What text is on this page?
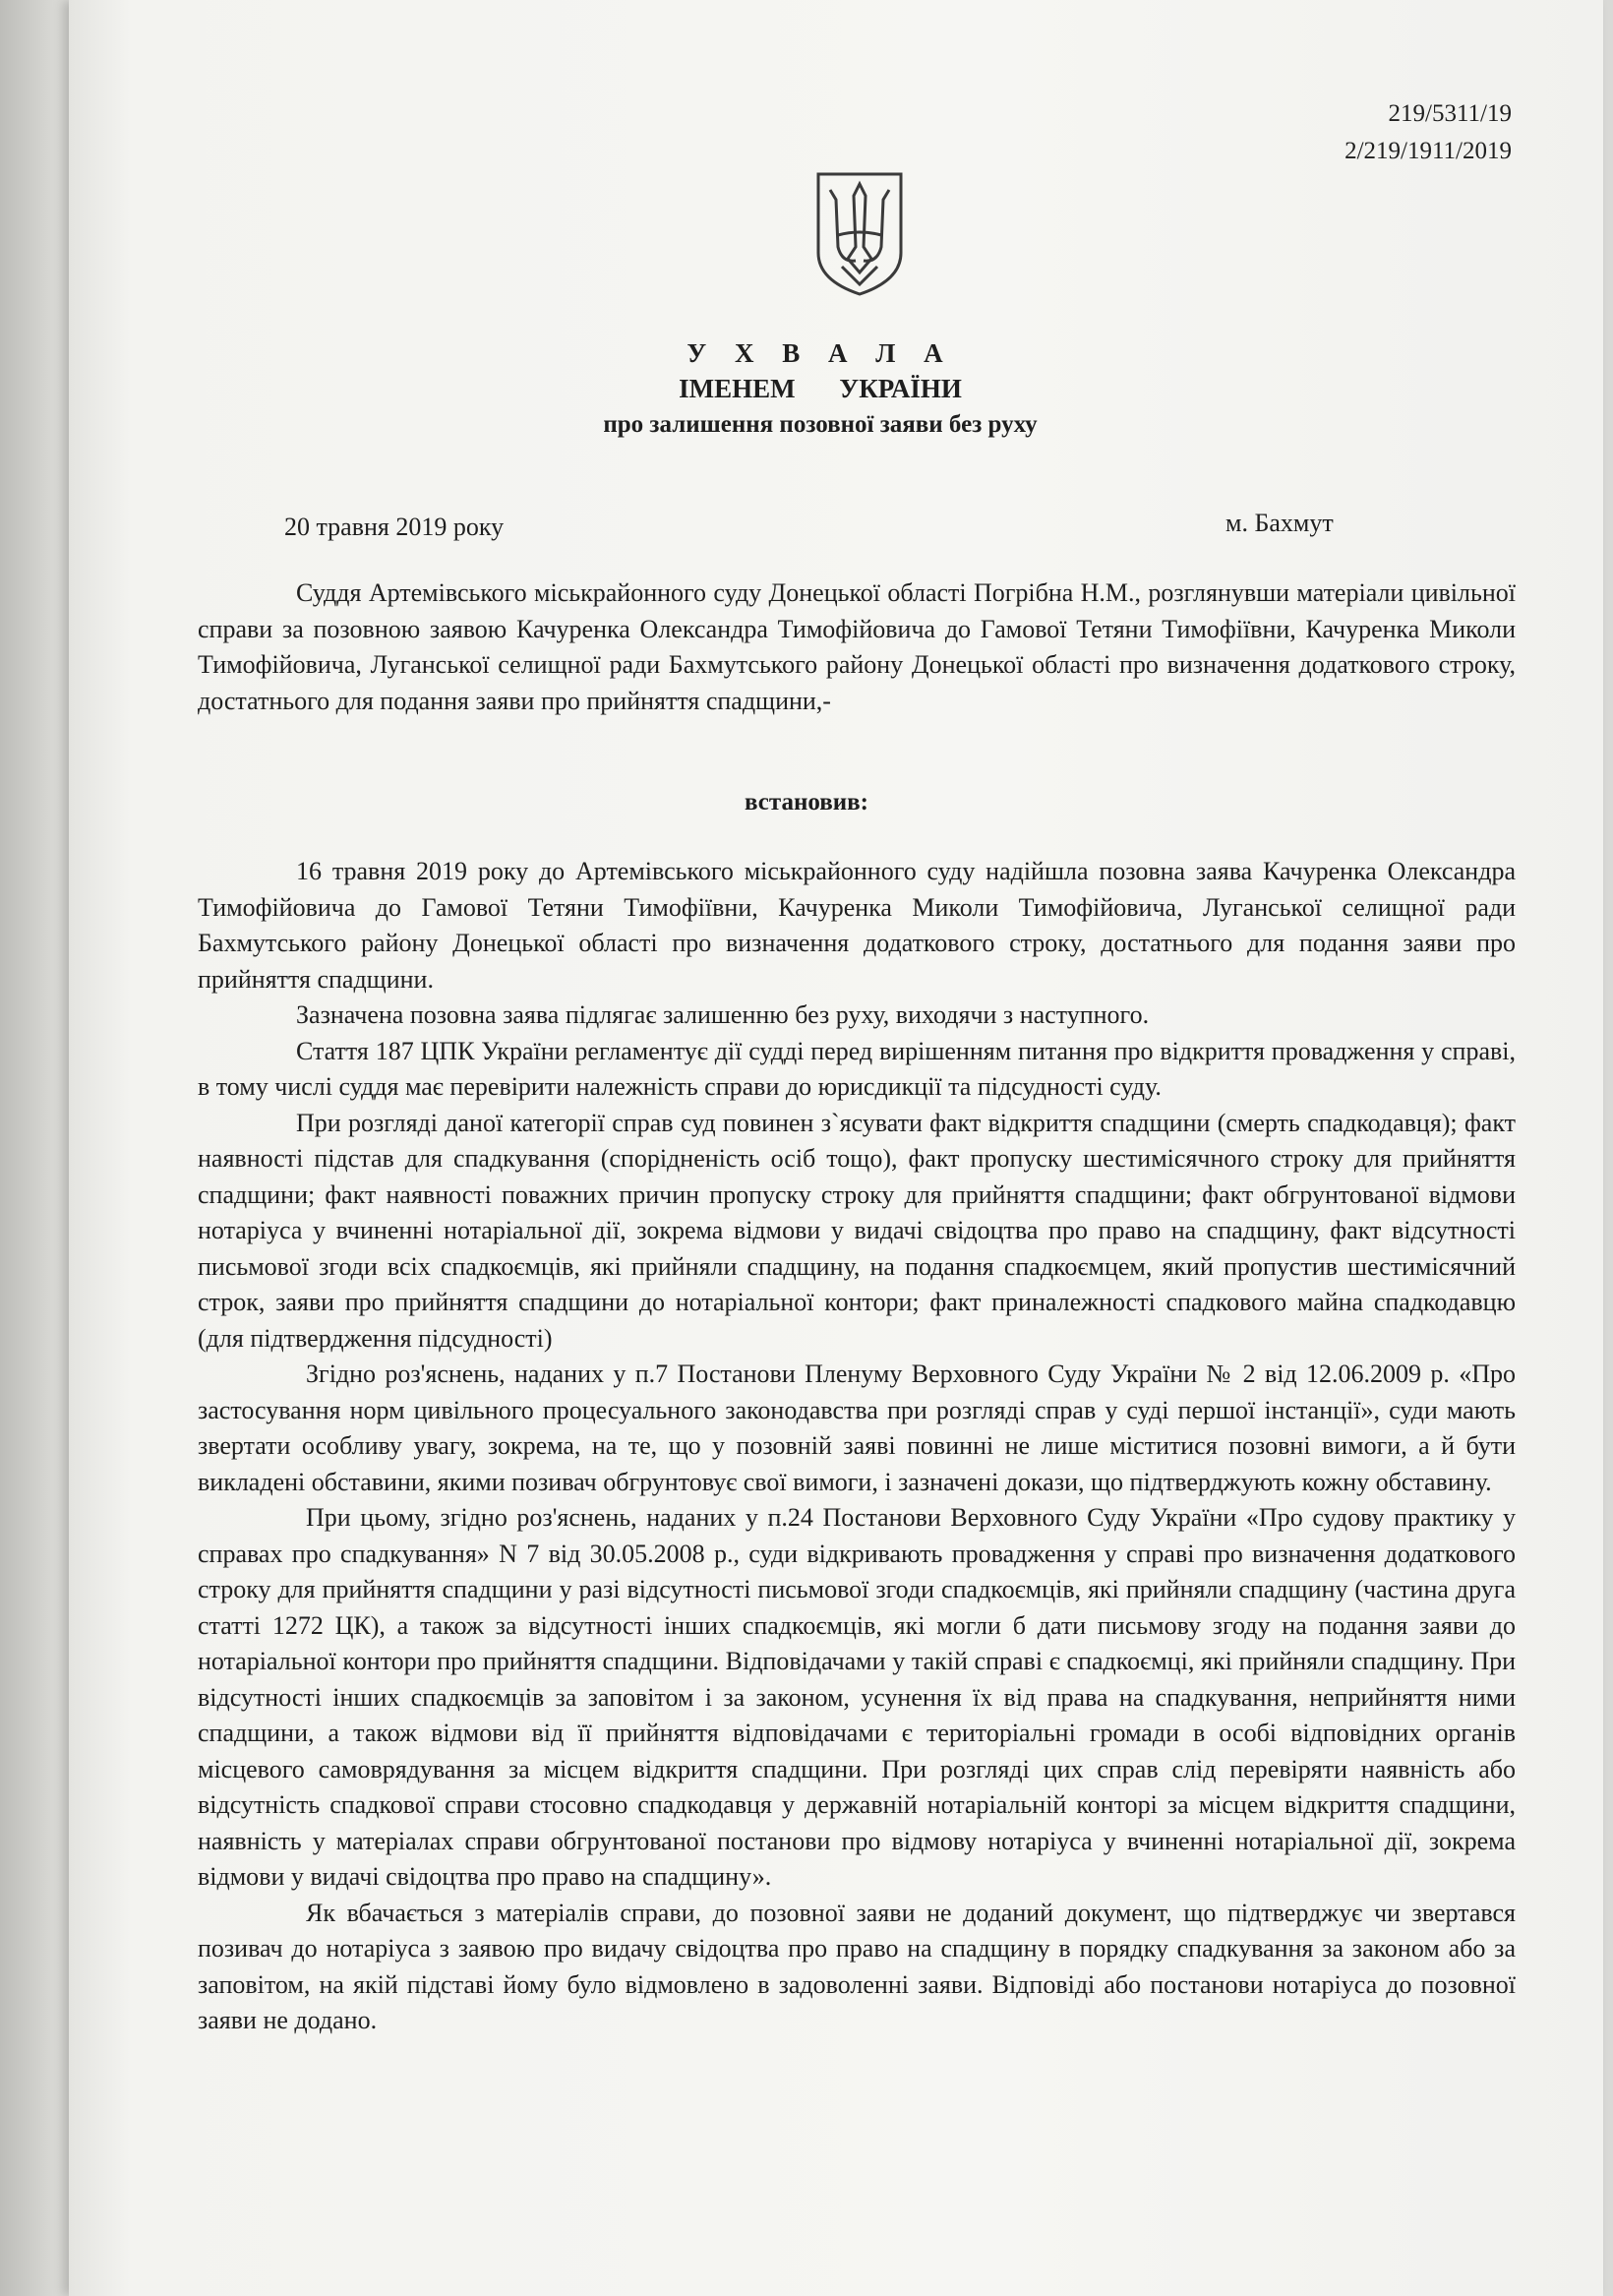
219/5311/19
2/219/1911/2019
У Х В А Л А
ІМЕНЕМ УКРАЇНИ
про залишення позовної заяви без руху
20 травня 2019 року	м. Бахмут

Суддя Артемівського міськрайонного суду Донецької області Погрібна Н.М., розглянувши матеріали цивільної справи за позовною заявою Качуренка Олександра Тимофійовича до Гамової Тетяни Тимофіївни, Качуренка Миколи Тимофійовича, Луганської селищної ради Бахмутського району Донецької області про визначення додаткового строку, достатнього для подання заяви про прийняття спадщини,-

встановив:

16 травня 2019 року до Артемівського міськрайонного суду надійшла позовна заява Качуренка Олександра Тимофійовича до Гамової Тетяни Тимофіївни, Качуренка Миколи Тимофійовича, Луганської селищної ради Бахмутського району Донецької області про визначення додаткового строку, достатнього для подання заяви про прийняття спадщини.

Зазначена позовна заява підлягає залишенню без руху, виходячи з наступного.

Стаття 187 ЦПК України регламентує дії судді перед вирішенням питання про відкриття провадження у справі, в тому числі суддя має перевірити належність справи до юрисдикції та підсудності суду.

При розгляді даної категорії справ суд повинен з`ясувати факт відкриття спадщини (смерть спадкодавця); факт наявності підстав для спадкування (спорідненість осіб тощо), факт пропуску шестимісячного строку для прийняття спадщини; факт наявності поважних причин пропуску строку для прийняття спадщини; факт обгрунтованої відмови нотаріуса у вчиненні нотаріальної дії, зокрема відмови у видачі свідоцтва про право на спадщину, факт відсутності письмової згоди всіх спадкоємців, які прийняли спадщину, на подання спадкоємцем, який пропустив шестимісячний строк, заяви про прийняття спадщини до нотаріальної контори; факт приналежності спадкового майна спадкодавцю (для підтвердження підсудності)

Згідно роз'яснень, наданих у п.7 Постанови Пленуму Верховного Суду України № 2 від 12.06.2009 р. «Про застосування норм цивільного процесуального законодавства при розгляді справ у суді першої інстанції», суди мають звертати особливу увагу, зокрема, на те, що у позовній заяві повинні не лише міститися позовні вимоги, а й бути викладені обставини, якими позивач обгрунтовує свої вимоги, і зазначені докази, що підтверджують кожну обставину.

При цьому, згідно роз'яснень, наданих у п.24 Постанови Верховного Суду України «Про судову практику у справах про спадкування» N 7 від 30.05.2008 р., суди відкривають провадження у справі про визначення додаткового строку для прийняття спадщини у разі відсутності письмової згоди спадкоємців, які прийняли спадщину (частина друга статті 1272 ЦК), а також за відсутності інших спадкоємців, які могли б дати письмову згоду на подання заяви до нотаріальної контори про прийняття спадщини. Відповідачами у такій справі є спадкоємці, які прийняли спадщину. При відсутності інших спадкоємців за заповітом і за законом, усунення їх від права на спадкування, неприйняття ними спадщини, а також відмови від її прийняття відповідачами є територіальні громади в особі відповідних органів місцевого самоврядування за місцем відкриття спадщини. При розгляді цих справ слід перевіряти наявність або відсутність спадкової справи стосовно спадкодавця у державній нотаріальній конторі за місцем відкриття спадщини, наявність у матеріалах справи обгрунтованої постанови про відмову нотаріуса у вчиненні нотаріальної дії, зокрема відмови у видачі свідоцтва про право на спадщину».

Як вбачається з матеріалів справи, до позовної заяви не доданий документ, що підтверджує чи звертався позивач до нотаріуса з заявою про видачу свідоцтва про право на спадщину в порядку спадкування за законом або за заповітом, на якій підставі йому було відмовлено в задоволенні заяви. Відповіді або постанови нотаріуса до позовної заяви не додано.
